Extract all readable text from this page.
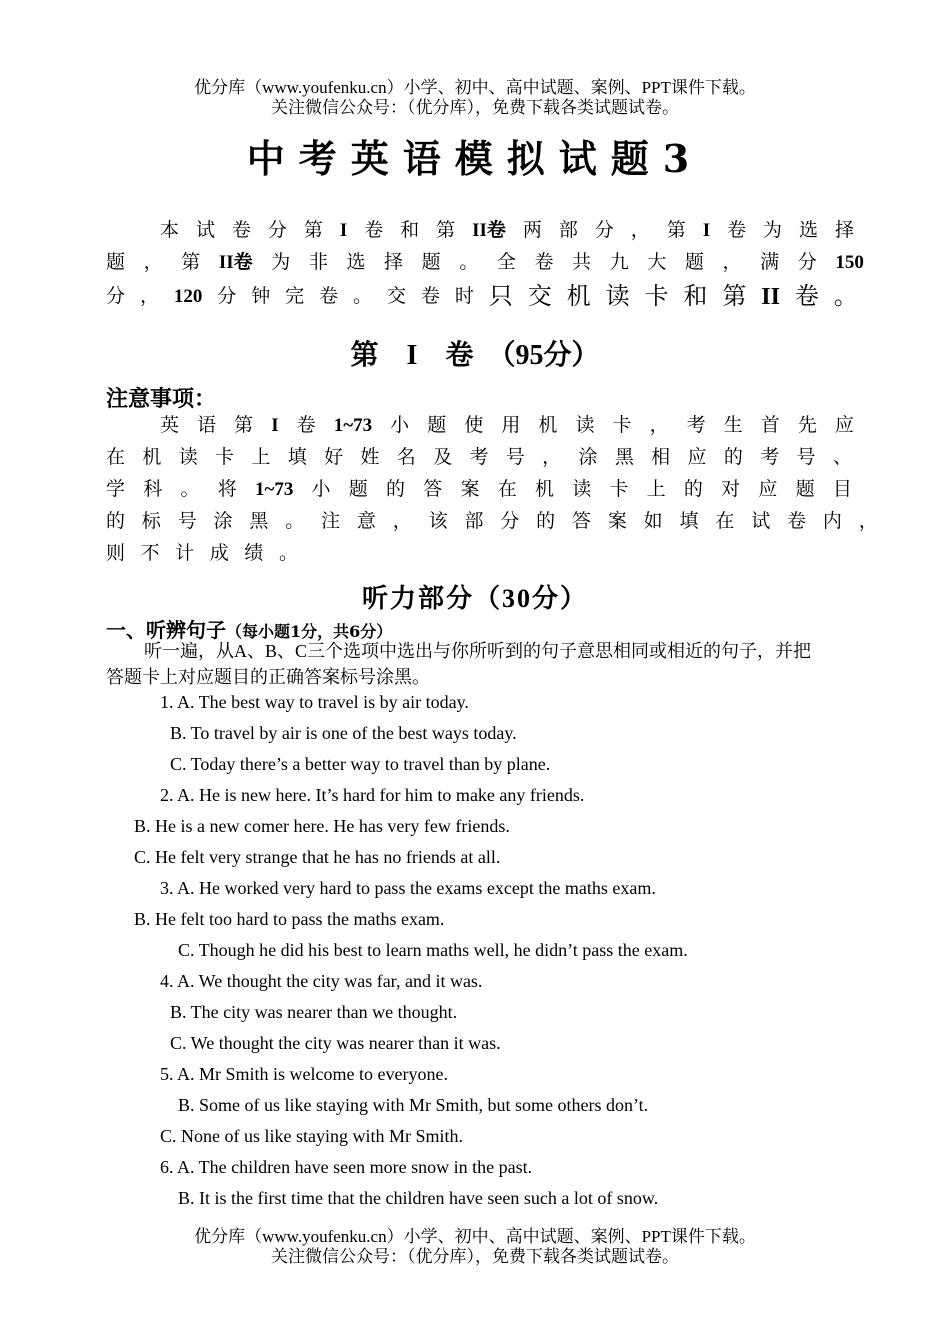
优分库（www.youfenku.cn）小学、初中、高中试题、案例、PPT课件下载。
关注微信公众号：（优分库），免费下载各类试题试卷。
中考英语模拟试题3
本 试 卷 分 第 I 卷 和 第 II卷 两 部 分 ， 第 I 卷 为 选 择
题 ， 第 II卷 为 非 选 择 题 。 全 卷 共 九 大 题 ， 满 分 150
分 ， 120 分 钟 完 卷 。 交 卷 时 只 交 机 读 卡 和 第 II 卷 。
第　I　卷　（95分）
注意事项：
英 语 第 I 卷 1~73 小 题 使 用 机 读 卡 ， 考 生 首 先 应
在 机 读 卡 上 填 好 姓 名 及 考 号 ， 涂 黑 相 应 的 考 号 、
学 科 。 将 1~73 小 题 的 答 案 在 机 读 卡 上 的 对 应 题 目
的 标 号 涂 黑 。 注 意 ， 该 部 分 的 答 案 如 填 在 试 卷 内 ，
则 不 计 成 绩 。
听力部分（30分）
一、听辨句子（每小题1分，共6分）
听一遍，从A、B、C三个选项中选出与你所听到的句子意思相同或相近的句子，并把
答题卡上对应题目的正确答案标号涂黑。
1. A. The best way to travel is by air today.
B. To travel by air is one of the best ways today.
C. Today there’s a better way to travel than by plane.
2. A. He is new here. It’s hard for him to make any friends.
B. He is a new comer here. He has very few friends.
C. He felt very strange that he has no friends at all.
3. A. He worked very hard to pass the exams except the maths exam.
B. He felt too hard to pass the maths exam.
C. Though he did his best to learn maths well, he didn’t pass the exam.
4. A. We thought the city was far, and it was.
B. The city was nearer than we thought.
C. We thought the city was nearer than it was.
5. A. Mr Smith is welcome to everyone.
B. Some of us like staying with Mr Smith, but some others don’t.
C. None of us like staying with Mr Smith.
6. A. The children have seen more snow in the past.
B. It is the first time that the children have seen such a lot of snow.
优分库（www.youfenku.cn）小学、初中、高中试题、案例、PPT课件下载。
关注微信公众号：（优分库），免费下载各类试题试卷。
